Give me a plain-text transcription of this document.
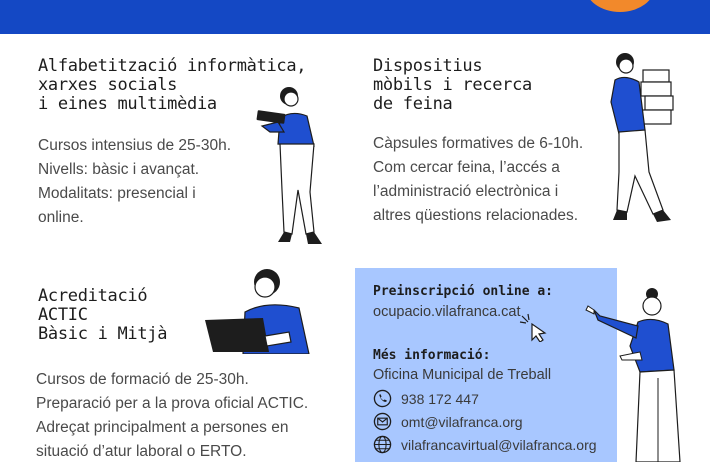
Alfabetització informàtica,
xarxes socials
i eines multimèdia
Cursos intensius de 25-30h.
Nivells: bàsic i avançat.
Modalitats: presencial i
online.
Dispositius
mòbils i recerca
de feina
Càpsules formatives de 6-10h.
Com cercar feina, l’accés a
l’administració electrònica i
altres qüestions relacionades.
Acreditació
ACTIC
Bàsic i Mitjà
Cursos de formació de 25-30h.
Preparació per a la prova oficial ACTIC.
Adreçat principalment a persones en
situació d’atur laboral o ERTO.
Preinscripció online a:
ocupacio.vilafranca.cat
Més informació:
Oficina Municipal de Treball
938 172 447
omt@vilafranca.org
vilafrancavirtual@vilafranca.org
